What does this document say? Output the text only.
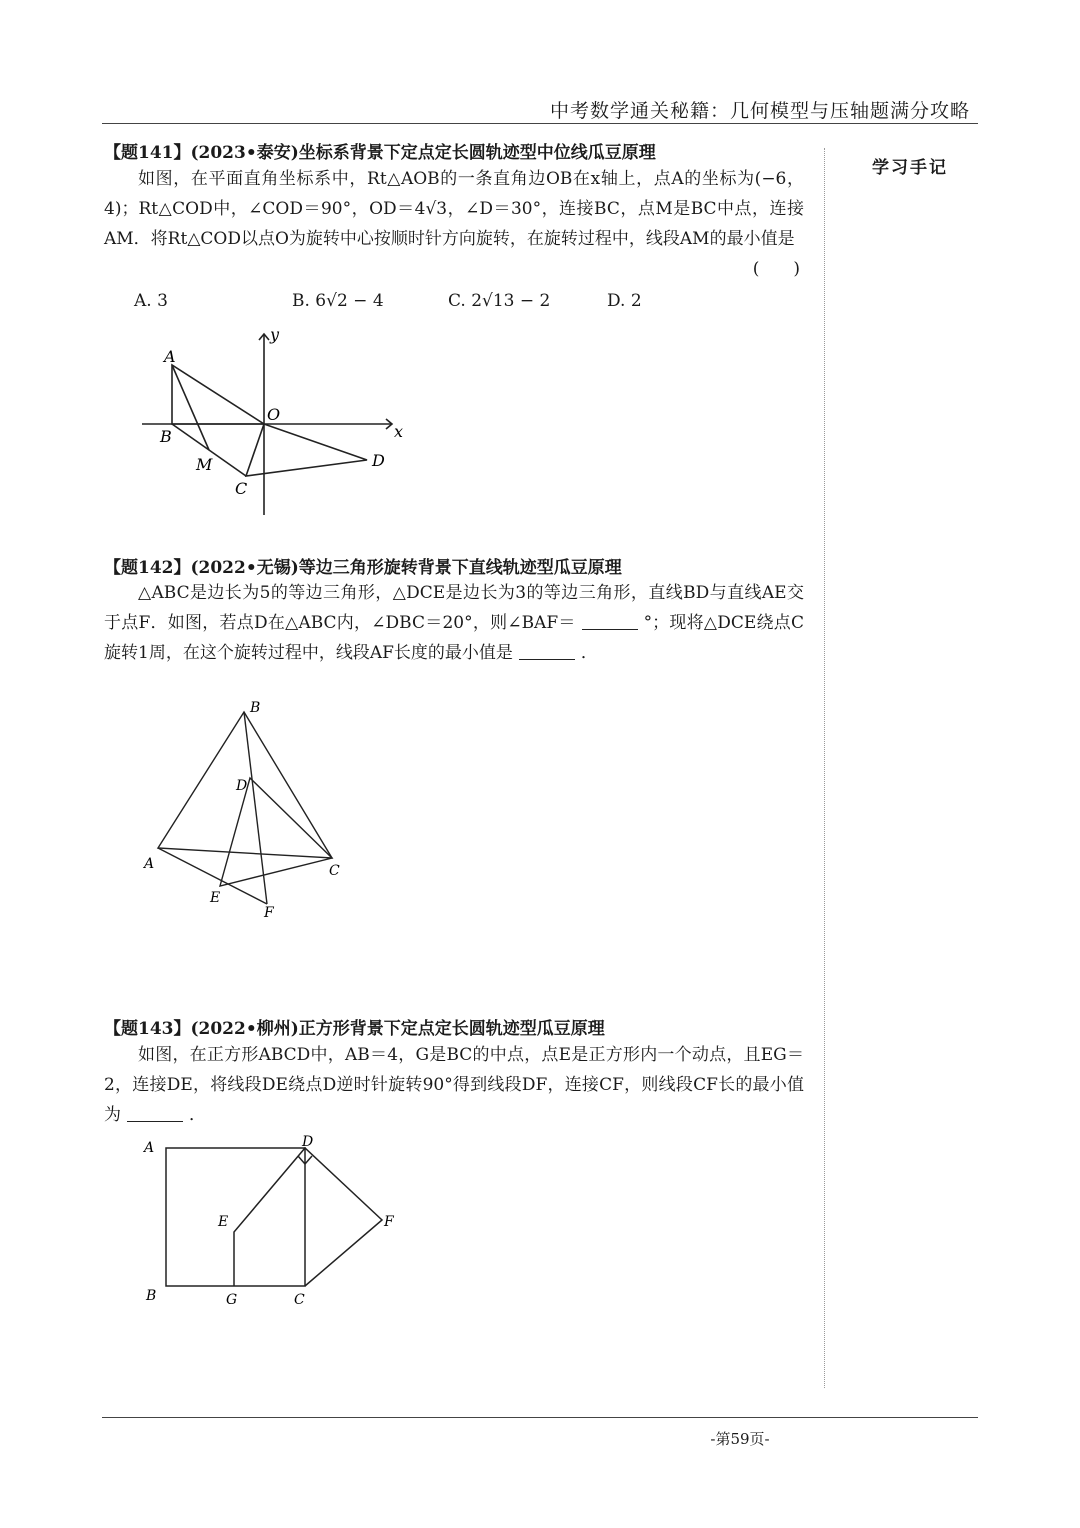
中考数学通关秘籍：几何模型与压轴题满分攻略
学习手记
【题141】(2023•泰安)坐标系背景下定点定长圆轨迹型中位线瓜豆原理
如图，在平面直角坐标系中，Rt△AOB的一条直角边OB在x轴上，点A的坐标为(−6，4)；Rt△COD中，∠COD＝90°，OD＝4√3，∠D＝30°，连接BC，点M是BC中点，连接AM．将Rt△COD以点O为旋转中心按顺时针方向旋转，在旋转过程中，线段AM的最小值是
(　　)
A. 3	B. 6√2 − 4	C. 2√13 − 2	D. 2
A
B
O
x
y
M
C
D
【题142】(2022•无锡)等边三角形旋转背景下直线轨迹型瓜豆原理
△ABC是边长为5的等边三角形，△DCE是边长为3的等边三角形，直线BD与直线AE交于点F．如图，若点D在△ABC内，∠DBC＝20°，则∠BAF＝	°；现将△DCE绕点C旋转1周，在这个旋转过程中，线段AF长度的最小值是	．
B
D
A	C
E
F
【题143】(2022•柳州)正方形背景下定点定长圆轨迹型瓜豆原理
如图，在正方形ABCD中，AB＝4，G是BC的中点，点E是正方形内一个动点，且EG＝2，连接DE，将线段DE绕点D逆时针旋转90°得到线段DF，连接CF，则线段CF长的最小值为	．
A	D
E	F
B	G	C
-第59页-
